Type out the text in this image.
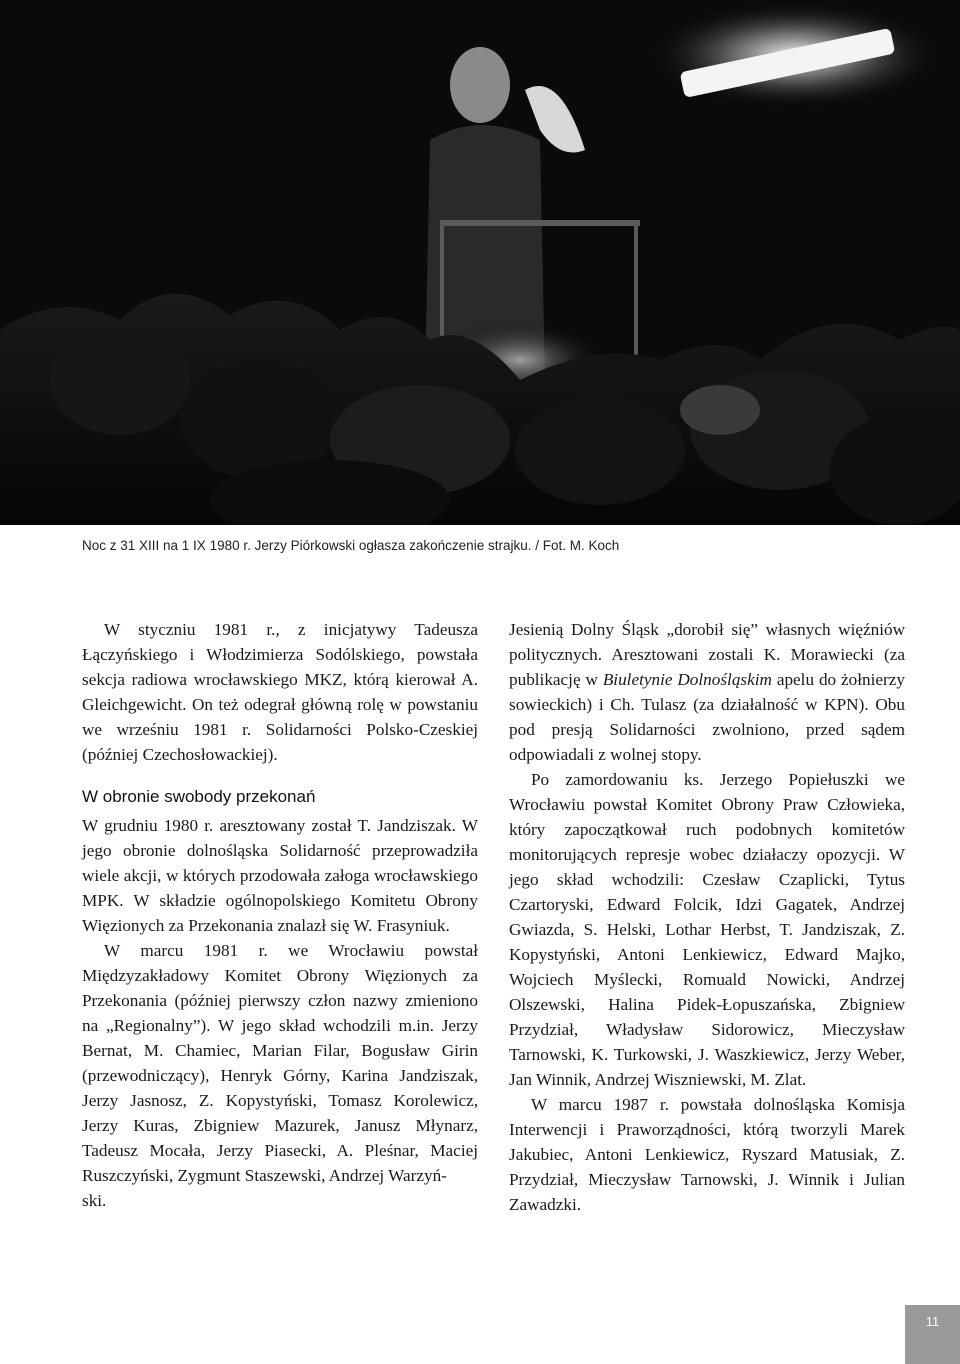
Noc z 31 XIII na 1 IX 1980 r. Jerzy Piórkowski ogłasza zakończenie strajku. / Fot. M. Koch

W styczniu 1981 r., z inicjatywy Tadeusza Łączyńskiego i Włodzimierza Sodólskiego, powstała sekcja radiowa wrocławskiego MKZ, którą kierował A. Gleichgewicht. On też odegrał główną rolę w powstaniu we wrześniu 1981 r. Solidarności Polsko-Czeskiej (później Czechosłowackiej).

W obronie swobody przekonań

W grudniu 1980 r. aresztowany został T. Jandziszak. W jego obronie dolnośląska Solidarność przeprowadziła wiele akcji, w których przodowała załoga wrocławskiego MPK. W składzie ogólnopolskiego Komitetu Obrony Więzionych za Przekonania znalazł się W. Frasyniuk.

W marcu 1981 r. we Wrocławiu powstał Międzyzakładowy Komitet Obrony Więzionych za Przekonania (później pierwszy człon nazwy zmieniono na „Regionalny”). W jego skład wchodzili m.in. Jerzy Bernat, M. Chamiec, Marian Filar, Bogusław Girin (przewodniczący), Henryk Górny, Karina Jandziszak, Jerzy Jasnosz, Z. Kopystyński, Tomasz Korolewicz, Jerzy Kuras, Zbigniew Mazurek, Janusz Młynarz, Tadeusz Mocała, Jerzy Piasecki, A. Pleśnar, Maciej Ruszczyński, Zygmunt Staszewski, Andrzej Warzyń-

ski.

Jesienią Dolny Śląsk „dorobił się” własnych więźniów politycznych. Aresztowani zostali K. Morawiecki (za publikację w Biuletynie Dolnośląskim apelu do żołnierzy sowieckich) i Ch. Tulasz (za działalność w KPN). Obu pod presją Solidarności zwolniono, przed sądem odpowiadali z wolnej stopy.

Po zamordowaniu ks. Jerzego Popiełuszki we Wrocławiu powstał Komitet Obrony Praw Człowieka, który zapoczątkował ruch podobnych komitetów monitorujących represje wobec działaczy opozycji. W jego skład wchodzili: Czesław Czaplicki, Tytus Czartoryski, Edward Folcik, Idzi Gagatek, Andrzej Gwiazda, S. Helski, Lothar Herbst, T. Jandziszak, Z. Kopystyński, Antoni Lenkiewicz, Edward Majko, Wojciech Myślecki, Romuald Nowicki, Andrzej Olszewski, Halina Pidek-Łopuszańska, Zbigniew Przydział, Władysław Sidorowicz, Mieczysław Tarnowski, K. Turkowski, J. Waszkiewicz, Jerzy Weber, Jan Winnik, Andrzej Wiszniewski, M. Zlat.

W marcu 1987 r. powstała dolnośląska Komisja Interwencji i Praworządności, którą tworzyli Marek Jakubiec, Antoni Lenkiewicz, Ryszard Matusiak, Z. Przydział, Mieczysław Tarnowski, J. Winnik i Julian Zawadzki.

11
